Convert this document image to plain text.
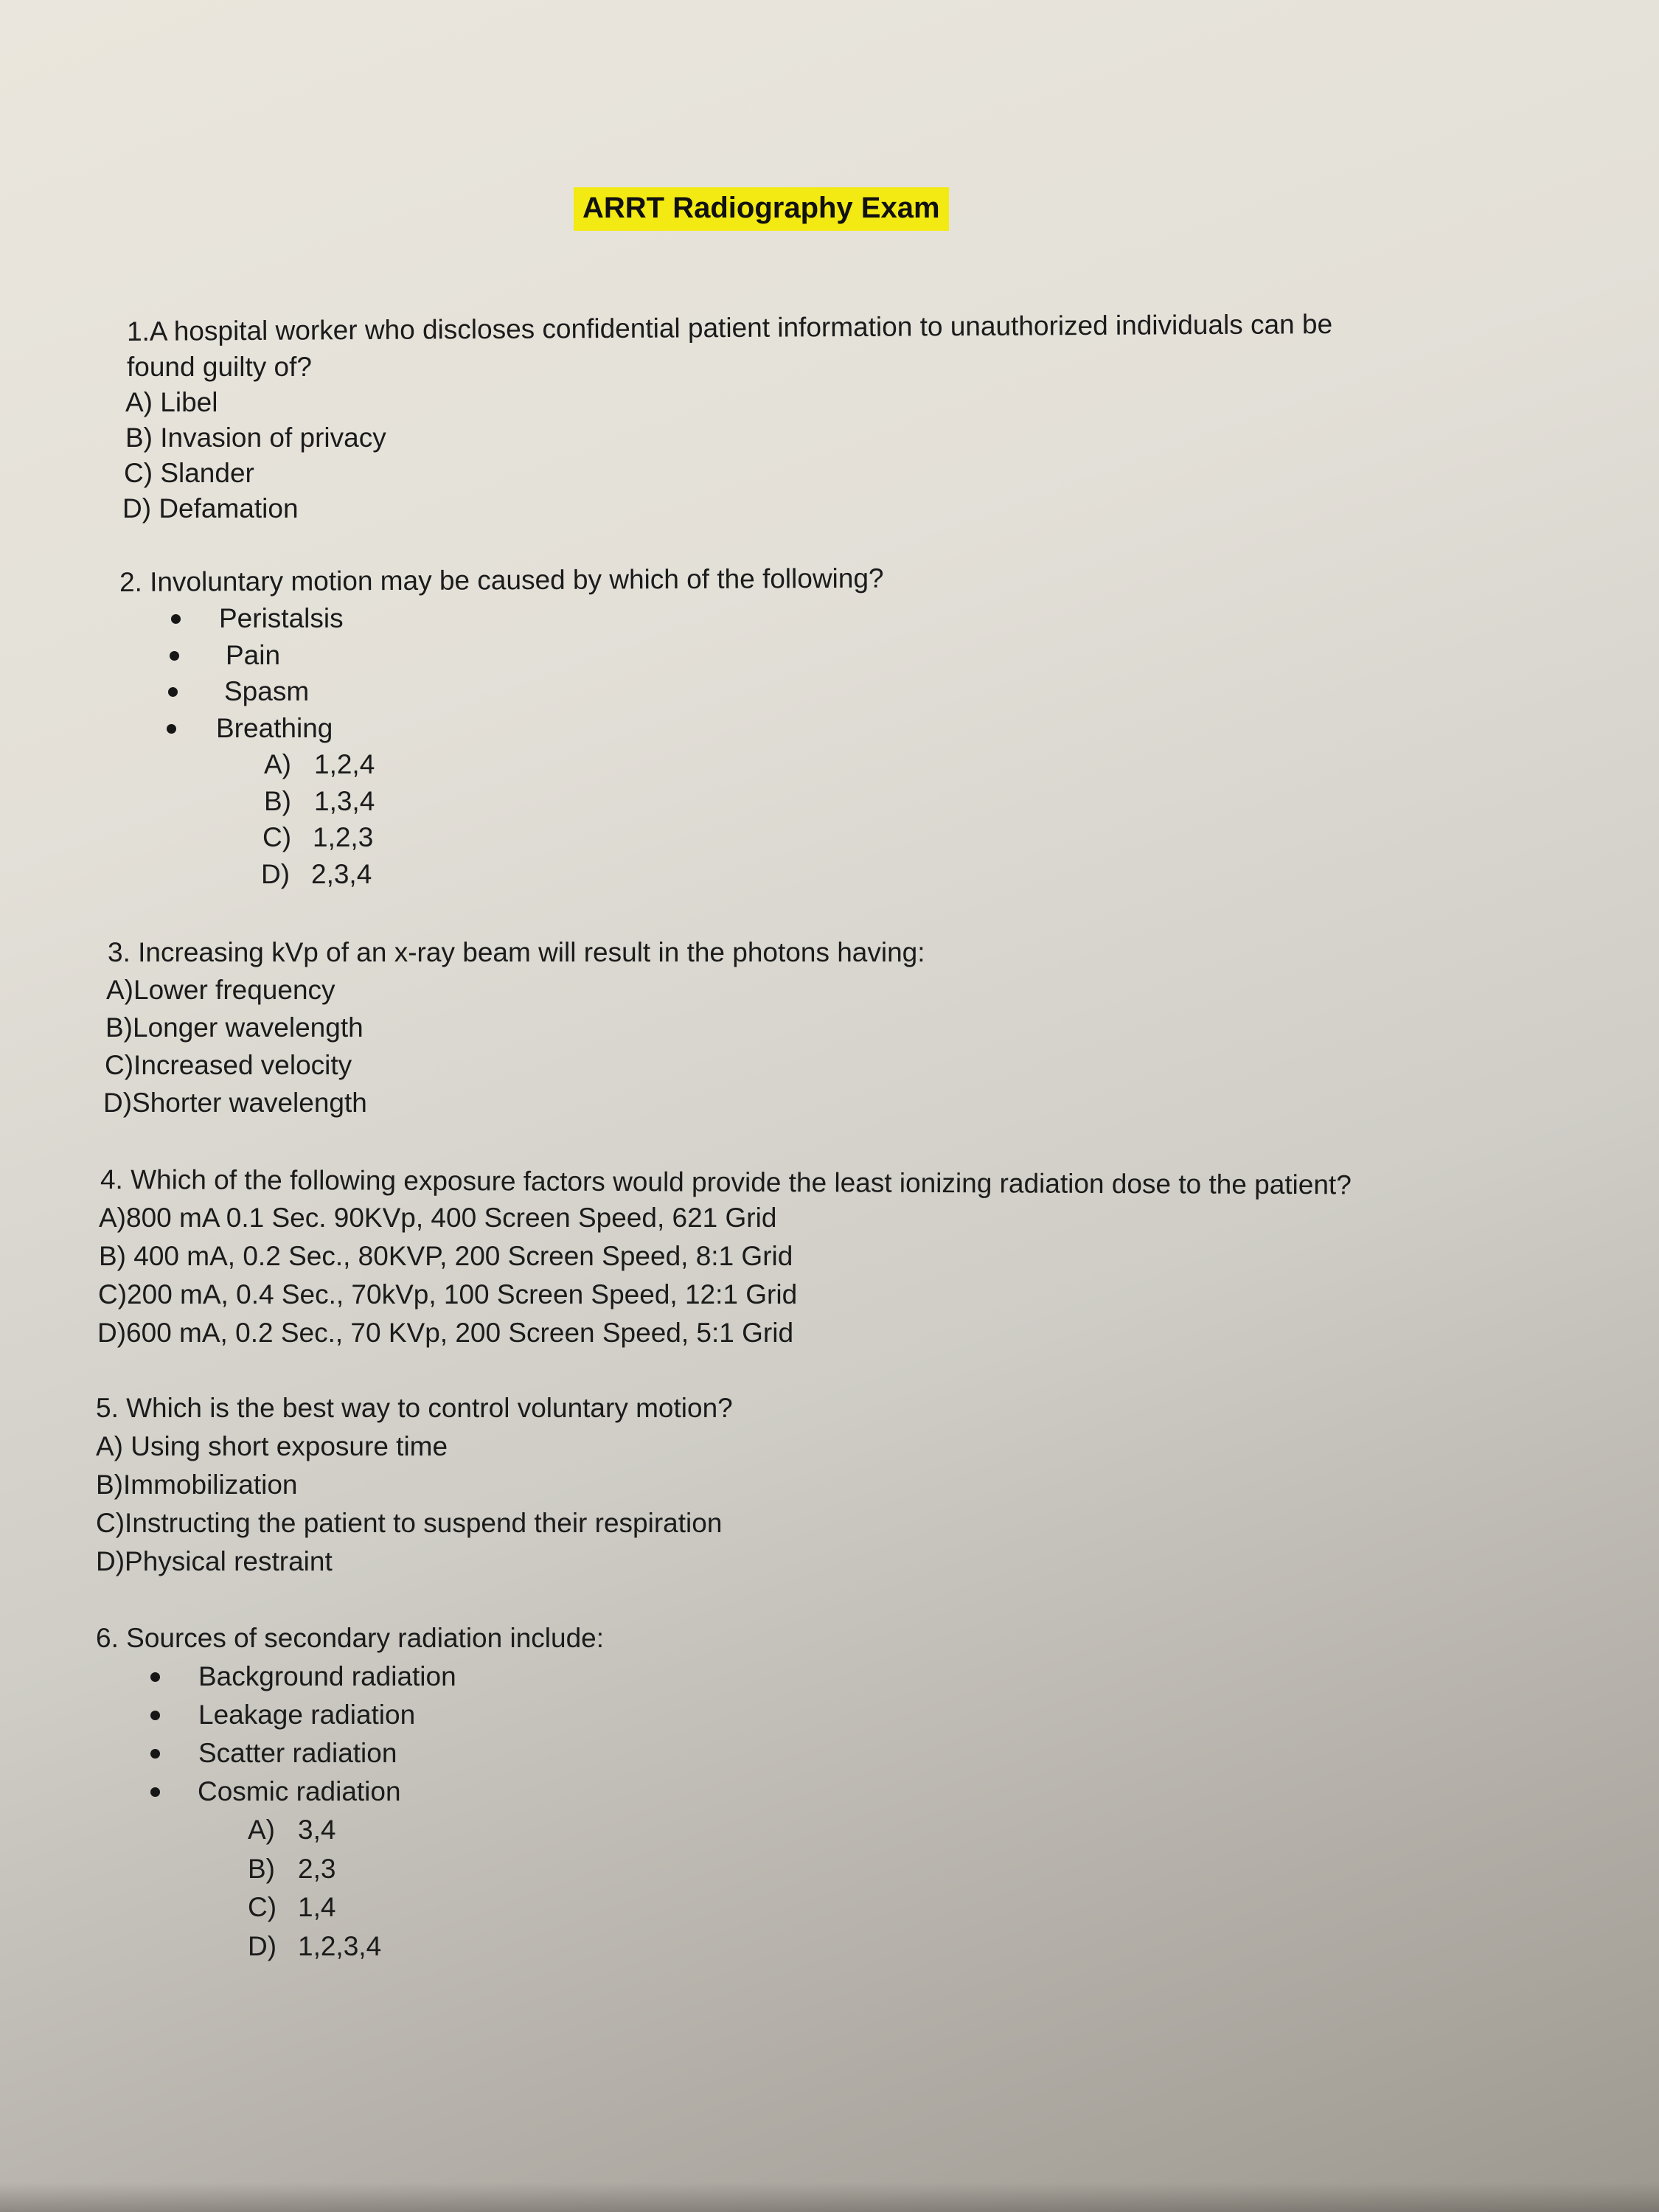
ARRT Radiography Exam
1.A hospital worker who discloses confidential patient information to unauthorized individuals can be
found guilty of?
A) Libel
B) Invasion of privacy
C) Slander
D) Defamation
2. Involuntary motion may be caused by which of the following?
Peristalsis
Pain
Spasm
Breathing
A) 1,2,4
B) 1,3,4
C) 1,2,3
D) 2,3,4
3. Increasing kVp of an x-ray beam will result in the photons having:
A)Lower frequency
B)Longer wavelength
C)Increased velocity
D)Shorter wavelength
4. Which of the following exposure factors would provide the least ionizing radiation dose to the patient?
A)800 mA 0.1 Sec. 90KVp, 400 Screen Speed, 621 Grid
B) 400 mA, 0.2 Sec., 80KVP, 200 Screen Speed, 8:1 Grid
C)200 mA, 0.4 Sec., 70kVp, 100 Screen Speed, 12:1 Grid
D)600 mA, 0.2 Sec., 70 KVp, 200 Screen Speed, 5:1 Grid
5. Which is the best way to control voluntary motion?
A) Using short exposure time
B)Immobilization
C)Instructing the patient to suspend their respiration
D)Physical restraint
6. Sources of secondary radiation include:
Background radiation
Leakage radiation
Scatter radiation
Cosmic radiation
A) 3,4
B) 2,3
C) 1,4
D) 1,2,3,4
